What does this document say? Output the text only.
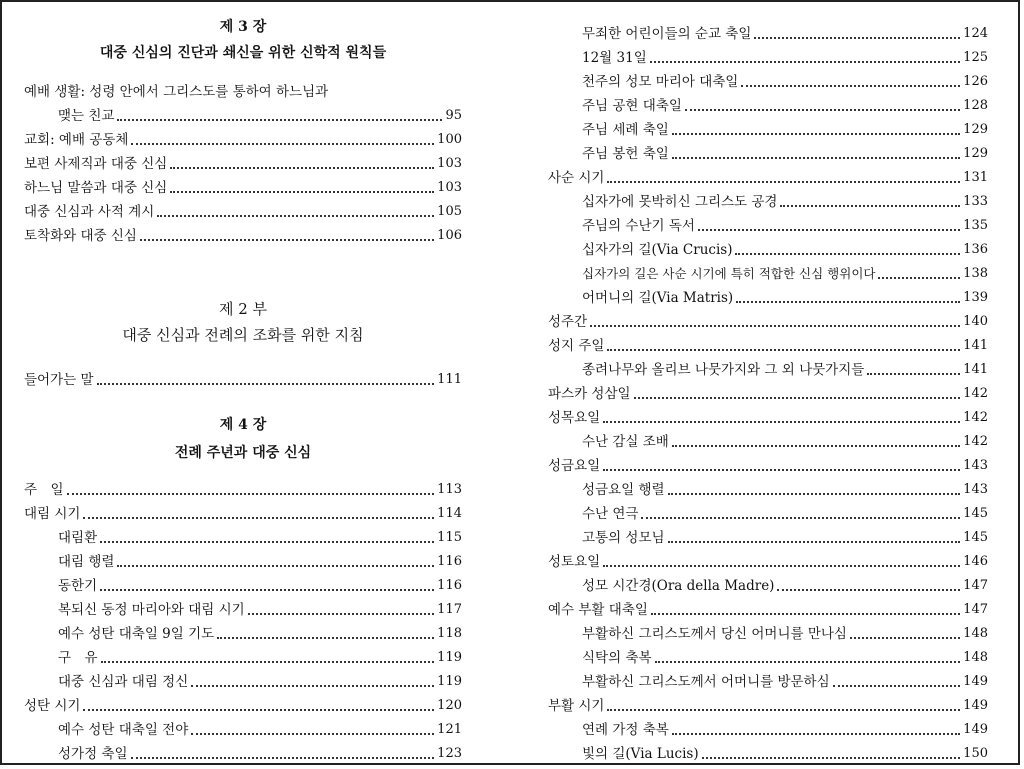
제 3 장
대중 신심의 진단과 쇄신을 위한 신학적 원칙들
예배 생활: 성령 안에서 그리스도를 통하여 하느님과
맺는 친교	95
교회: 예배 공동체	100
보편 사제직과 대중 신심	103
하느님 말씀과 대중 신심	103
대중 신심과 사적 계시	105
토착화와 대중 신심	106
제 2 부
대중 신심과 전례의 조화를 위한 지침
들어가는 말	111
제 4 장
전례 주년과 대중 신심
주　일	113
대림 시기	114
대림환	115
대림 행렬	116
동한기	116
복되신 동정 마리아와 대림 시기	117
예수 성탄 대축일 9일 기도	118
구　유	119
대중 신심과 대림 정신	119
성탄 시기	120
예수 성탄 대축일 전야	121
성가정 축일	123
무죄한 어린이들의 순교 축일	124
12월 31일	125
천주의 성모 마리아 대축일	126
주님 공현 대축일	128
주님 세례 축일	129
주님 봉헌 축일	129
사순 시기	131
십자가에 못박히신 그리스도 공경	133
주님의 수난기 독서	135
십자가의 길(Via Crucis)	136
십자가의 길은 사순 시기에 특히 적합한 신심 행위이다	138
어머니의 길(Via Matris)	139
성주간	140
성지 주일	141
종려나무와 올리브 나뭇가지와 그 외 나뭇가지들	141
파스카 성삼일	142
성목요일	142
수난 감실 조배	142
성금요일	143
성금요일 행렬	143
수난 연극	145
고통의 성모님	145
성토요일	146
성모 시간경(Ora della Madre)	147
예수 부활 대축일	147
부활하신 그리스도께서 당신 어머니를 만나심	148
식탁의 축복	148
부활하신 그리스도께서 어머니를 방문하심	149
부활 시기	149
연례 가정 축복	149
빛의 길(Via Lucis)	150
